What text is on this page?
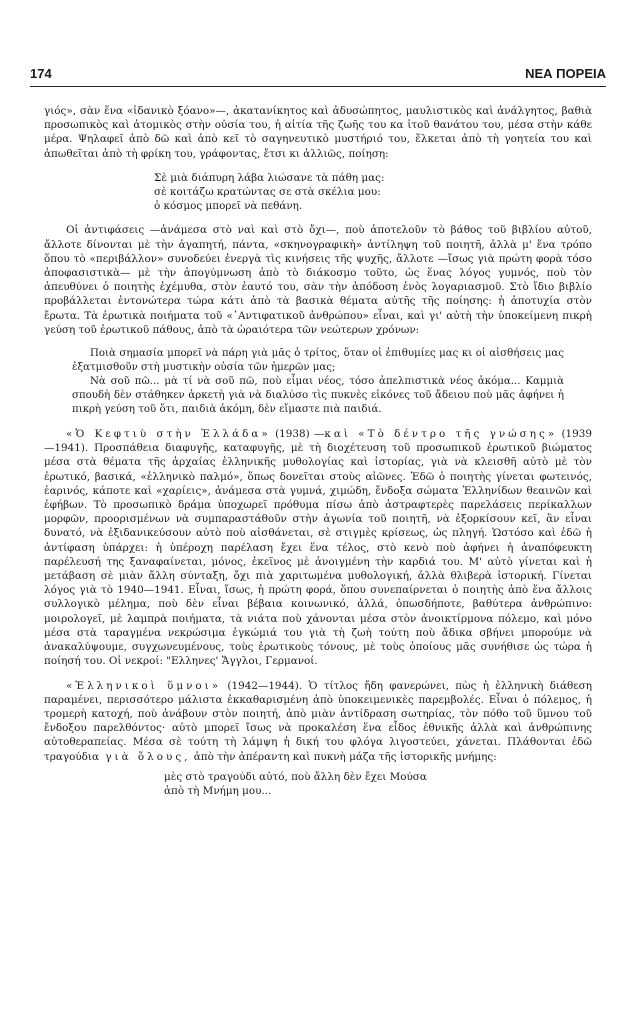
174	ΝΕΑ ΠΟΡΕΙΑ

γιός», σὰν ἕνα «ἰδανικὸ ξόανο»—, ἀκατανίκητος καὶ ἀδυσώπητος, μαυλιστικὸς καὶ ἀνάλγητος, βαθιὰ προσωπικὸς καὶ ἀτομικὸς στὴν οὐσία του, ἡ αἰτία τῆς ζωῆς του κα ἰτοῦ θανάτου του, μέσα στὴν κάθε μέρα. Ψηλαφεῖ ἀπὸ δῶ καὶ ἀπὸ κεῖ τὸ σαγηνευτικὸ μυστήριό του, ἕλκεται ἀπὸ τὴ γοητεία του καὶ ἀπωθεῖται ἀπὸ τὴ φρίκη του, γράφοντας, ἔτσι κι ἀλλιῶς, ποίηση:

Σὲ μιὰ διάπυρη λάβα λιώσανε τὰ πάθη μας:
σὲ κοιτάζω κρατώντας σε στὰ σκέλια μου:
ὁ κόσμος μπορεῖ νὰ πεθάνη.

Οἱ ἀντιφάσεις —ἀνάμεσα στὸ ναὶ καὶ στὸ ὄχι—, ποὺ ἀποτελοῦν τὸ βάθος τοῦ βιβλίου αὐτοῦ, ἄλλοτε δίνονται μὲ τὴν ἀγαπητή, πάντα, «σκηνογραφικὴ» ἀντίληψη τοῦ ποιητῆ, ἀλλὰ μ' ἕνα τρόπο ὅπου τὸ «περιβάλλον» συνοδεύει ἐνεργὰ τὶς κινήσεις τῆς ψυχῆς, ἄλλοτε —ἴσως γιὰ πρώτη φορὰ τόσο ἀποφασιστικὰ— μὲ τὴν ἀπογύμνωση ἀπὸ τὸ διάκοσμο τοῦτο, ὡς ἕνας λόγος γυμνός, ποὺ τὸν ἀπευθύνει ὁ ποιητὴς ἐχέμυθα, στὸν ἑαυτό του, σὰν τὴν ἀπόδοση ἑνὸς λογαριασμοῦ. Στὸ ἴδιο βιβλίο προβάλλεται ἐντονώτερα τώρα κάτι ἀπὸ τὰ βασικὰ θέματα αὐτῆς τῆς ποίησης: ἡ ἀποτυχία στὸν ἔρωτα. Τὰ ἐρωτικὰ ποιήματα τοῦ «᾿Αντιφατικοῦ ἀνθρώπου» εἶναι, καὶ γι' αὐτὴ τὴν ὑποκείμενη πικρὴ γεύση τοῦ ἐρωτικοῦ πάθους, ἀπὸ τὰ ὡραιότερα τῶν νεώτερων χρόνων:

Ποιὰ σημασία μπορεῖ νὰ πάρη γιὰ μᾶς ὁ τρίτος, ὅταν οἱ ἐπιθυμίες μας κι οἱ αἰσθήσεις μας ἐξατμισθοῦν στὴ μυστικὴν οὐσία τῶν ἡμερῶν μας;

Νὰ σοῦ πῶ... μὰ τί νὰ σοῦ πῶ, ποὺ εἶμαι νέος, τόσο ἀπελπιστικὰ νέος ἀκόμα... Καμμιὰ σπουδὴ δὲν στάθηκεν ἀρκετὴ γιὰ νὰ διαλύσο τὶς πυκνὲς εἰκόνες τοῦ ἄδειου ποὺ μᾶς ἀφήνει ἡ πικρὴ γεύση τοῦ ὅτι, παιδιὰ ἀκόμη, δὲν εἴμαστε πιὰ παιδιά.

«Ὁ Κεφτιὺ στὴν Ἑλλάδα» (1938) —καὶ «Τὸ δέντρο τῆς γνώσης» (1939—1941). Προσπάθεια διαφυγῆς, καταφυγῆς, μὲ τὴ διοχέτευση τοῦ προσωπικοῦ ἐρωτικοῦ βιώματος μέσα στὰ θέματα τῆς ἀρχαίας ἑλληνικῆς μυθολογίας καὶ ἱστορίας, γιὰ νὰ κλεισθῆ αὐτὸ μὲ τὸν ἐρωτικό, βασικά, «ἑλληνικὸ παλμό», ὅπως δονεῖται στοὺς αἰῶνες. Ἐδῶ ὁ ποιητὴς γίνεται φωτεινός, ἐαρινός, κάποτε καὶ «χαρίεις», ἀνάμεσα στὰ γυμνά, χιμώδη, ἔνδοξα σώματα Ἑλληνίδων θεαινῶν καὶ ἐφήβων. Τὸ προσωπικὸ δράμα ὑποχωρεῖ πρόθυμα πίσω ἀπὸ ἀστραφτερὲς παρελάσεις περίκαλλων μορφῶν, προορισμένων νὰ συμπαραστάθοῦν στὴν ἀγωνία τοῦ ποιητῆ, νὰ ἐξορκίσουν κεῖ, ἂν εἶναι δυνατό, νὰ ἐξιδανικεύσουν αὐτὸ ποὺ αἰσθάνεται, σὲ στιγμὲς κρίσεως, ὡς πληγή. Ὡστόσο καὶ ἐδῶ ἡ ἀντίφαση ὑπάρχει: ἡ ὑπέροχη παρέλαση ἔχει ἕνα τέλος, στὸ κενὸ ποὺ ἀφήνει ἡ ἀναπόφευκτη παρέλευσή της ξαναφαίνεται, μόνος, ἐκεῖνος μὲ ἀνοιγμένη τὴν καρδιά του. Μ' αὐτὸ γίνεται καὶ ἡ μετάβαση σὲ μιὰν ἄλλη σύνταξη, ὄχι πιὰ χαριτωμένα μυθολογική, ἀλλὰ θλιβερὰ ἱστορική. Γίνεται λόγος γιὰ τὸ 1940—1941. Εἶναι, ἴσως, ἡ πρώτη φορά, ὅπου συνεπαίρνεται ὁ ποιητὴς ἀπὸ ἕνα ἄλλοις συλλογικὸ μέλημα, ποὺ δὲν εἶναι βέβαια κοινωνικό, ἀλλά, ὁπωσδήποτε, βαθύτερα ἀνθρώπινο: μοιρολογεῖ, μὲ λαμπρὰ ποιήματα, τὰ νιάτα ποὺ χάνονται μέσα στὸν ἀνοικτίρμονα πόλεμο, καὶ μόνο μέσα στὰ ταραγμένα νεκρώσιμα ἐγκώμιά του γιὰ τὴ ζωὴ τούτη ποὺ ἄδικα σβήνει μπορούμε νὰ ἀνακαλύψουμε, συγχωνευμένους, τοὺς ἐρωτικοὺς τόνους, μὲ τοὺς ὁποίους μᾶς συνήθισε ὡς τώρα ἡ ποίησή του. Οἱ νεκροί: "Ελληνες' Ἄγγλοι, Γερμανοί.

«Ἑλληνικοὶ ὕμνοι» (1942—1944). Ὁ τίτλος ἤδη φανερώνει, πὼς ἡ ἑλληνικὴ διάθεση παραμένει, περισσότερο μάλιστα ἐκκαθαρισμένη ἀπὸ ὑποκειμενικὲς παρεμβολές. Εἶναι ὁ πόλεμος, ἡ τρομερὴ κατοχή, ποὺ ἀνάβουν στὸν ποιητή, ἀπὸ μιὰν ἀντίδραση σωτηρίας, τὸν πόθο τοῦ ὕμνου τοῦ ἔνδοξου παρελθόντος· αὐτὸ μπορεῖ ἴσως νὰ προκαλέση ἕνα εἶδος ἐθνικῆς ἀλλὰ καὶ ἀνθρώπινης αὐτοθεραπείας. Μέσα σὲ τούτη τὴ λάμψη ἡ δική του φλόγα λιγοστεύει, χάνεται. Πλάθονται ἐδῶ τραγούδια γιὰ ὅλους, ἀπὸ τὴν ἀπέραντη καὶ πυκνὴ μάζα τῆς ἱστορικῆς μνήμης:

μὲς στὸ τραγούδι αὐτό, ποὺ ἄλλη δὲν ἔχει Μούσα
ἀπὸ τὴ Μνήμη μου...
